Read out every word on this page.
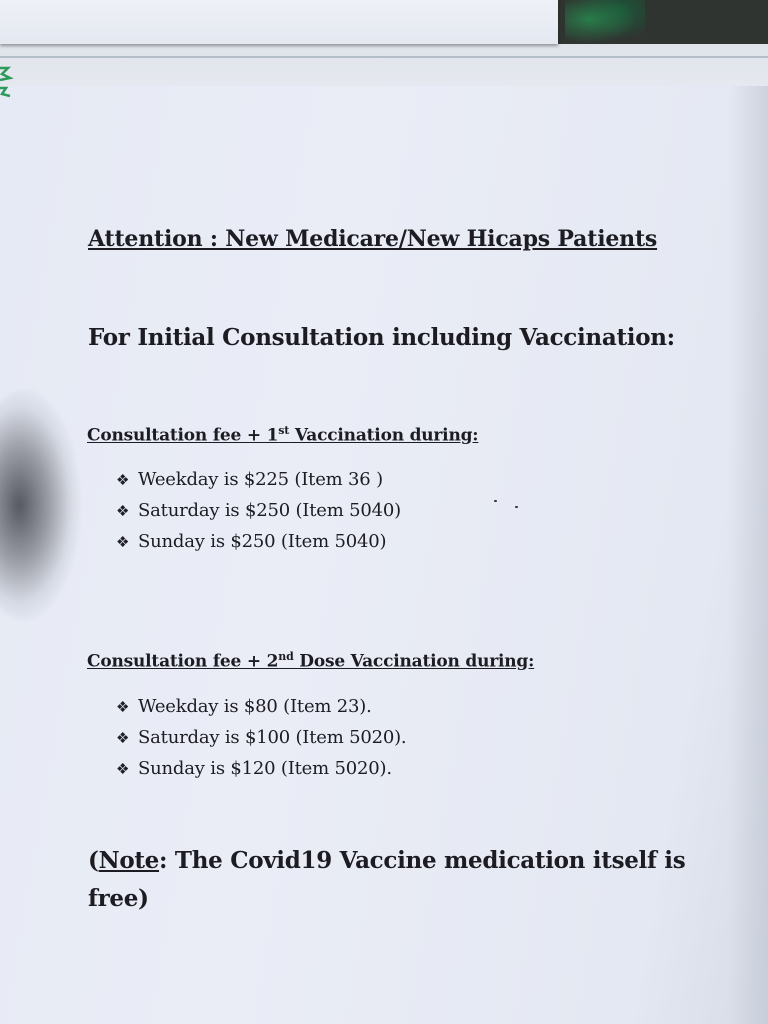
Attention : New Medicare/New Hicaps Patients
For Initial Consultation including Vaccination:
Consultation fee + 1st Vaccination during:
❖ Weekday is $225 (Item 36 )
❖ Saturday is $250 (Item 5040)
❖ Sunday is $250 (Item 5040)
Consultation fee + 2nd Dose Vaccination during:
❖ Weekday is $80 (Item 23).
❖ Saturday is $100 (Item 5020).
❖ Sunday is $120 (Item 5020).
(Note: The Covid19 Vaccine medication itself is free)
